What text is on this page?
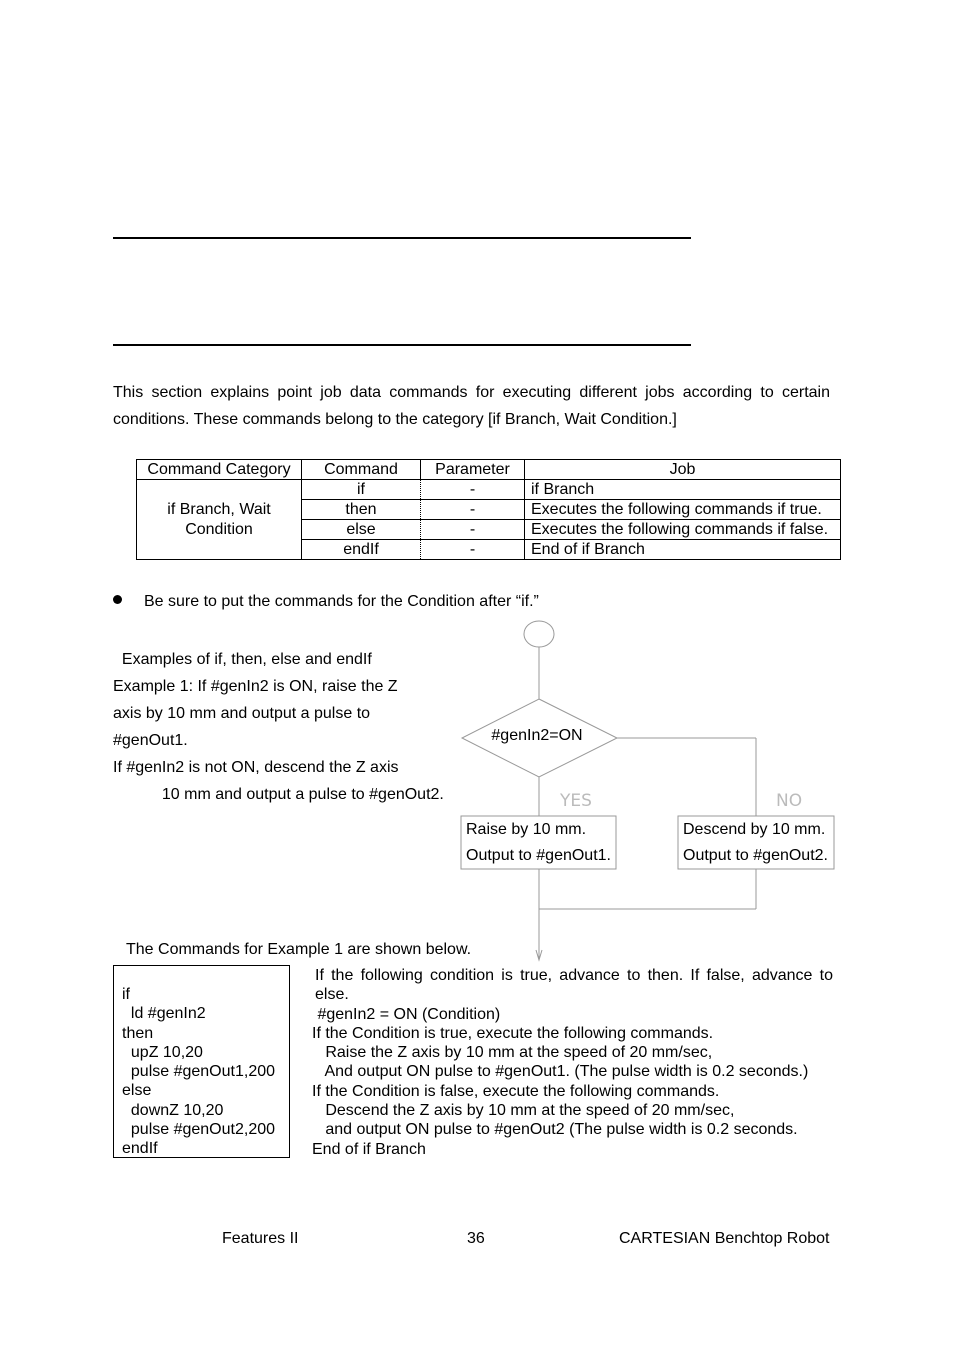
This section explains point job data commands for executing different jobs according to certain conditions. These commands belong to the category [if Branch, Wait Condition.]

Command Category	Command	Parameter	Job
if Branch, Wait Condition	if	-	if Branch
	then	-	Executes the following commands if true.
	else	-	Executes the following commands if false.
	endIf	-	End of if Branch
Be sure to put the commands for the Condition after “if.”
Examples of if, then, else and endIf
Example 1: If #genIn2 is ON, raise the Z
axis by 10 mm and output a pulse to
#genOut1.
If #genIn2 is not ON, descend the Z axis
10 mm and output a pulse to #genOut2.
#genIn2=ON
YES	NO
Raise by 10 mm.
Output to #genOut1.
Descend by 10 mm.
Output to #genOut2.
The Commands for Example 1 are shown below.
if
ld #genIn2
then
upZ 10,20
pulse #genOut1,200
else
downZ 10,20
pulse #genOut2,200
endIf
If the following condition is true, advance to then. If false, advance to else.
#genIn2 = ON (Condition)
If the Condition is true, execute the following commands.
Raise the Z axis by 10 mm at the speed of 20 mm/sec,
And output ON pulse to #genOut1. (The pulse width is 0.2 seconds.)
If the Condition is false, execute the following commands.
Descend the Z axis by 10 mm at the speed of 20 mm/sec,
and output ON pulse to #genOut2 (The pulse width is 0.2 seconds.
End of if Branch
Features II	36	CARTESIAN Benchtop Robot
